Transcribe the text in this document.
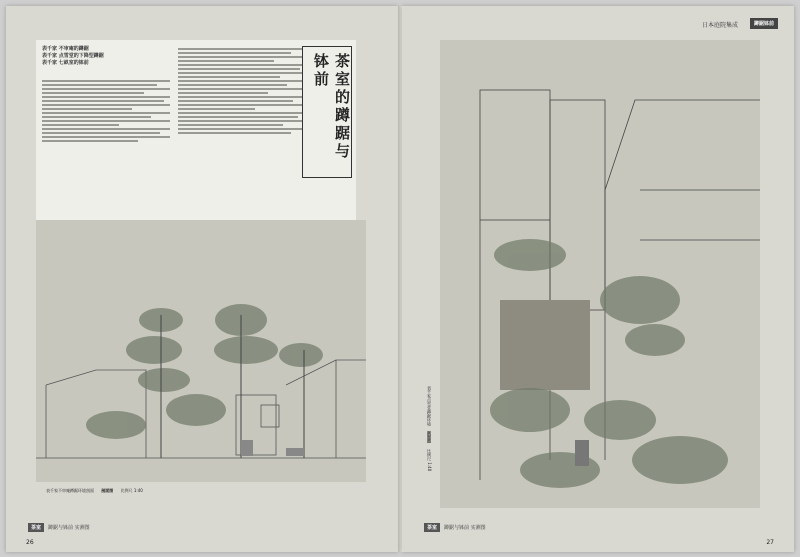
表千家 不审庵的蹲踞
表千家 点雪堂的下降型蹲踞
表千家 七畝室的钵前	茶室的蹲踞与钵前
表千家不审庵蹲踞环境剖面 剖面图 比例尺 1:40
茶室	蹲踞与钵前 实测图
26
日本庭院集成	蹲踞钵前
表千家点雪堂蹲踞环境 剖面图 比例尺 1:40
茶室	蹲踞与钵前 实测图
27
